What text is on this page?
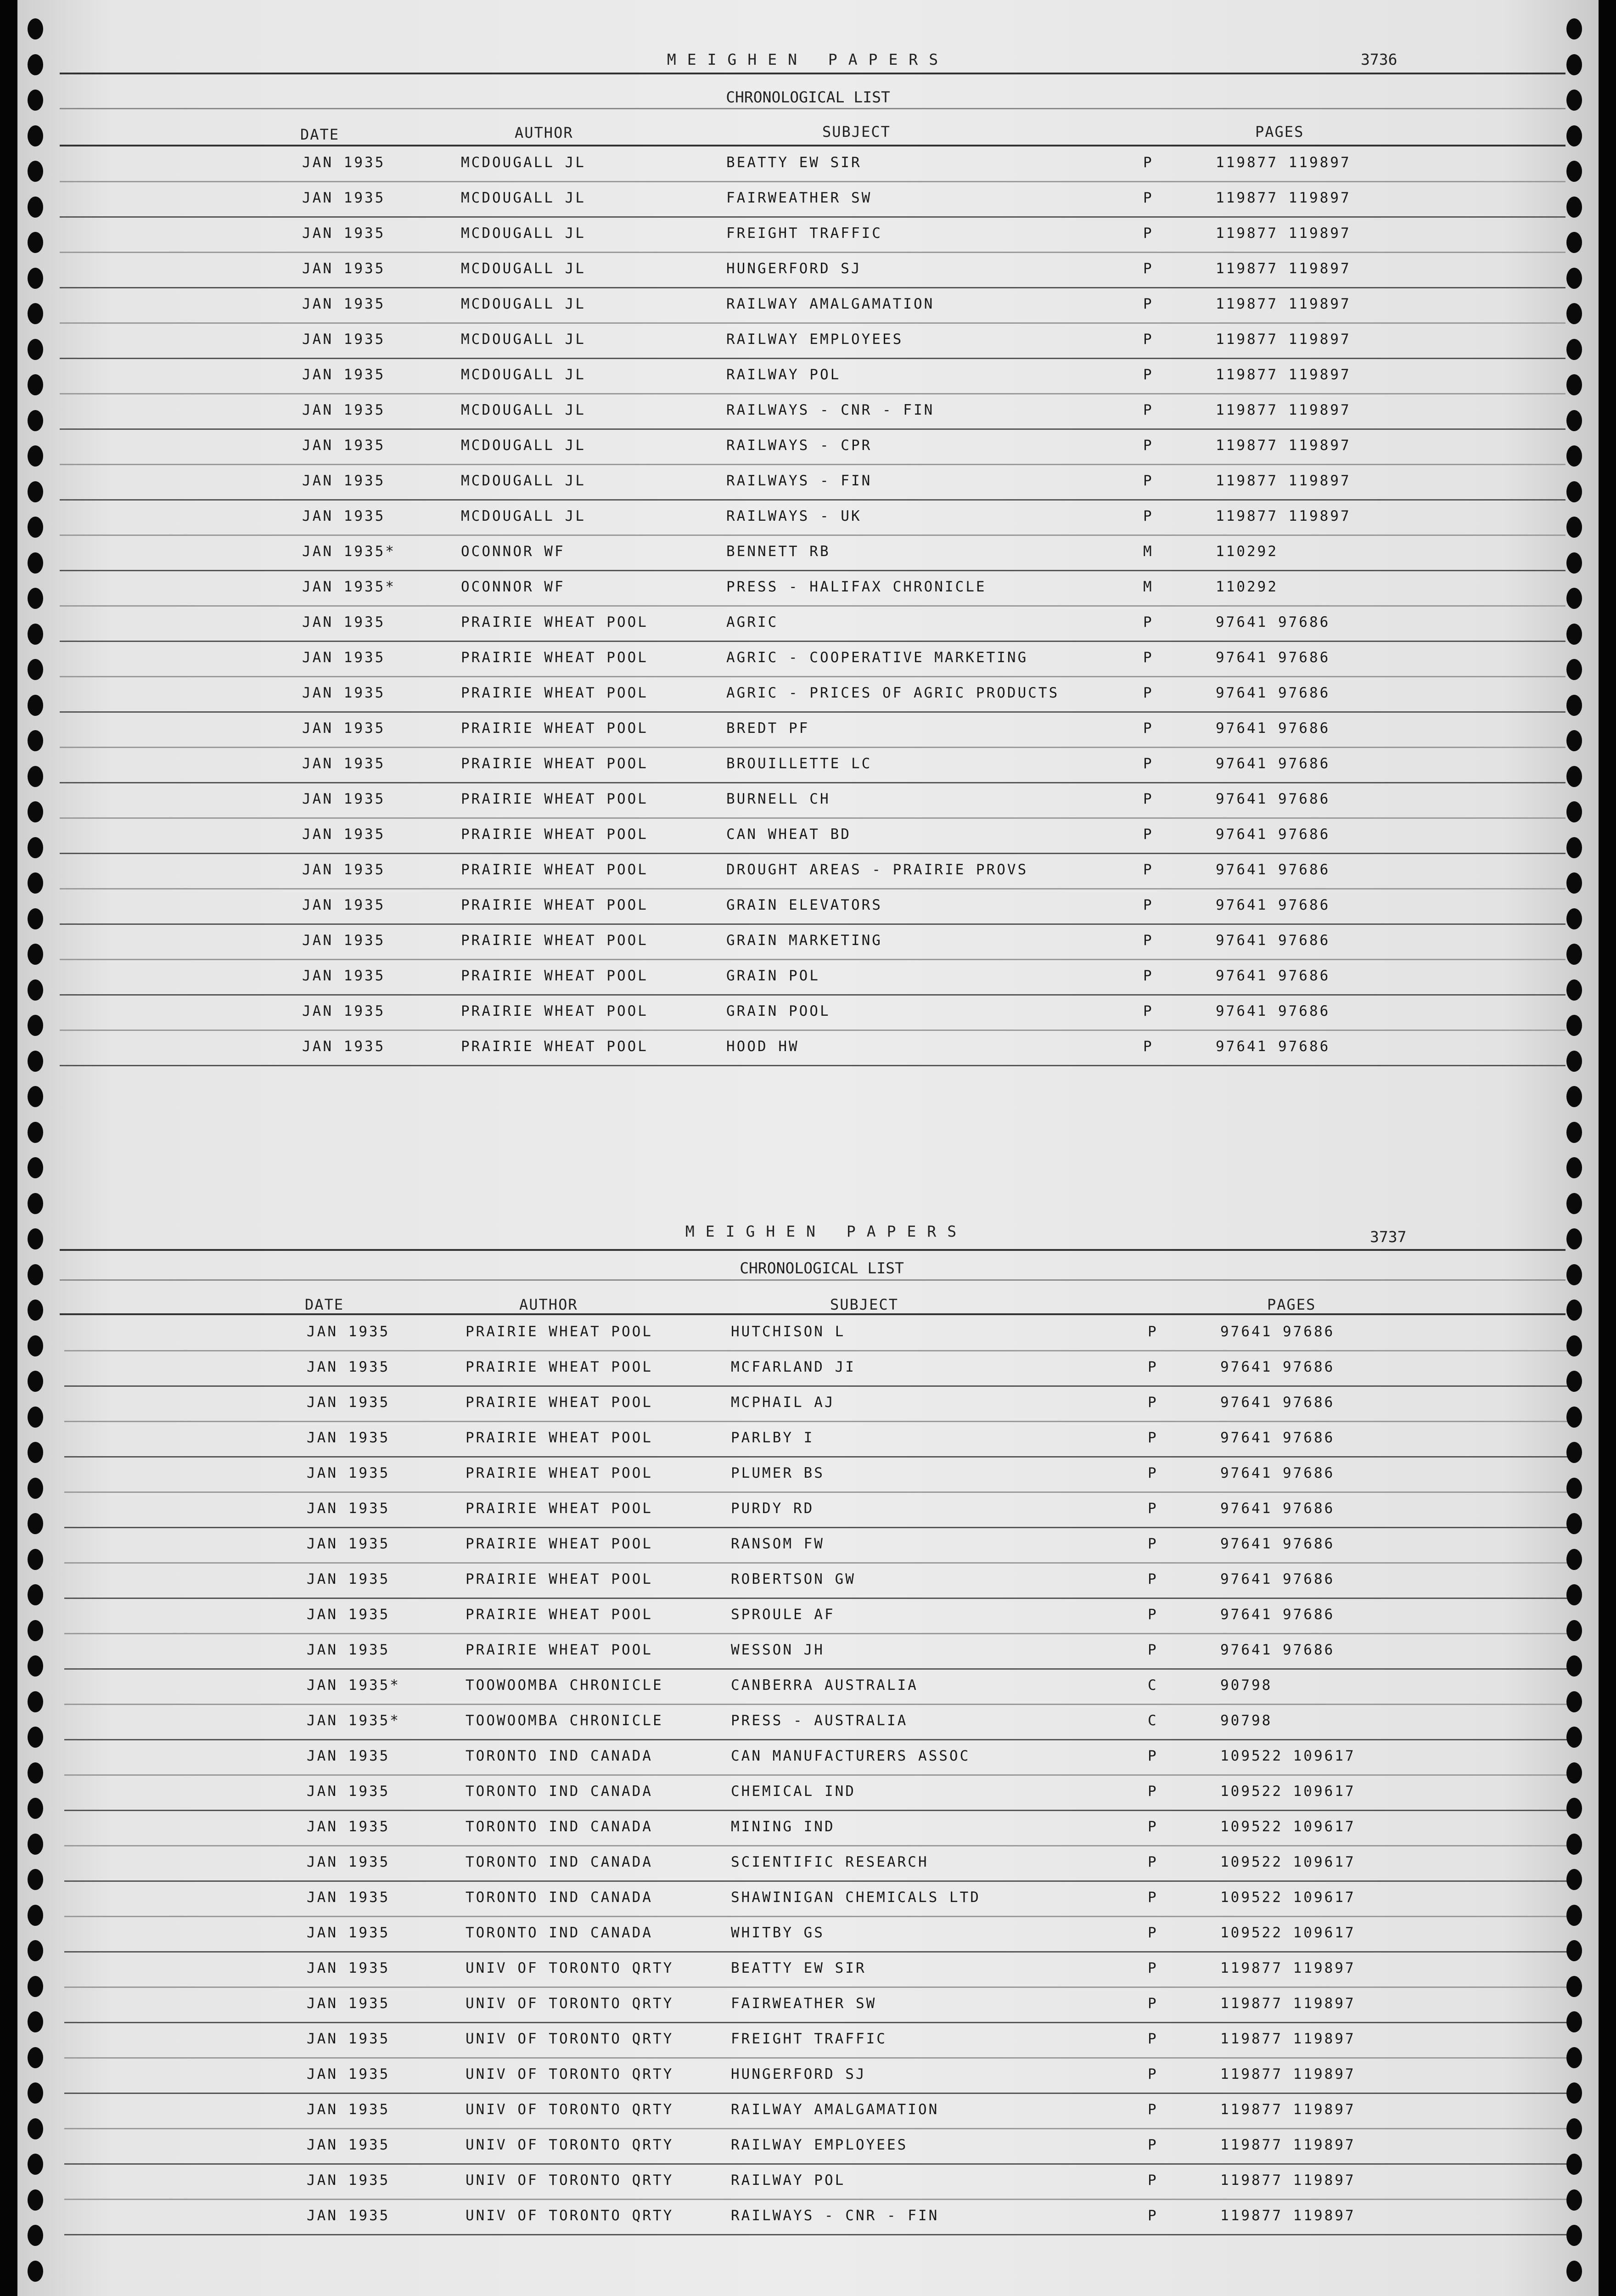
MEIGHEN PAPERS	3736
CHRONOLOGICAL LIST
DATE	AUTHOR	SUBJECT	PAGES
JAN 1935	MCDOUGALL JL	BEATTY EW SIR	P	119877 119897
JAN 1935	MCDOUGALL JL	FAIRWEATHER SW	P	119877 119897
JAN 1935	MCDOUGALL JL	FREIGHT TRAFFIC	P	119877 119897
JAN 1935	MCDOUGALL JL	HUNGERFORD SJ	P	119877 119897
JAN 1935	MCDOUGALL JL	RAILWAY AMALGAMATION	P	119877 119897
JAN 1935	MCDOUGALL JL	RAILWAY EMPLOYEES	P	119877 119897
JAN 1935	MCDOUGALL JL	RAILWAY POL	P	119877 119897
JAN 1935	MCDOUGALL JL	RAILWAYS - CNR - FIN	P	119877 119897
JAN 1935	MCDOUGALL JL	RAILWAYS - CPR	P	119877 119897
JAN 1935	MCDOUGALL JL	RAILWAYS - FIN	P	119877 119897
JAN 1935	MCDOUGALL JL	RAILWAYS - UK	P	119877 119897
JAN 1935*	OCONNOR WF	BENNETT RB	M	110292
JAN 1935*	OCONNOR WF	PRESS - HALIFAX CHRONICLE	M	110292
JAN 1935	PRAIRIE WHEAT POOL	AGRIC	P	97641 97686
JAN 1935	PRAIRIE WHEAT POOL	AGRIC - COOPERATIVE MARKETING	P	97641 97686
JAN 1935	PRAIRIE WHEAT POOL	AGRIC - PRICES OF AGRIC PRODUCTS	P	97641 97686
JAN 1935	PRAIRIE WHEAT POOL	BREDT PF	P	97641 97686
JAN 1935	PRAIRIE WHEAT POOL	BROUILLETTE LC	P	97641 97686
JAN 1935	PRAIRIE WHEAT POOL	BURNELL CH	P	97641 97686
JAN 1935	PRAIRIE WHEAT POOL	CAN WHEAT BD	P	97641 97686
JAN 1935	PRAIRIE WHEAT POOL	DROUGHT AREAS - PRAIRIE PROVS	P	97641 97686
JAN 1935	PRAIRIE WHEAT POOL	GRAIN ELEVATORS	P	97641 97686
JAN 1935	PRAIRIE WHEAT POOL	GRAIN MARKETING	P	97641 97686
JAN 1935	PRAIRIE WHEAT POOL	GRAIN POL	P	97641 97686
JAN 1935	PRAIRIE WHEAT POOL	GRAIN POOL	P	97641 97686
JAN 1935	PRAIRIE WHEAT POOL	HOOD HW	P	97641 97686
MEIGHEN PAPERS	3737
CHRONOLOGICAL LIST
DATE	AUTHOR	SUBJECT	PAGES
JAN 1935	PRAIRIE WHEAT POOL	HUTCHISON L	P	97641 97686
JAN 1935	PRAIRIE WHEAT POOL	MCFARLAND JI	P	97641 97686
JAN 1935	PRAIRIE WHEAT POOL	MCPHAIL AJ	P	97641 97686
JAN 1935	PRAIRIE WHEAT POOL	PARLBY I	P	97641 97686
JAN 1935	PRAIRIE WHEAT POOL	PLUMER BS	P	97641 97686
JAN 1935	PRAIRIE WHEAT POOL	PURDY RD	P	97641 97686
JAN 1935	PRAIRIE WHEAT POOL	RANSOM FW	P	97641 97686
JAN 1935	PRAIRIE WHEAT POOL	ROBERTSON GW	P	97641 97686
JAN 1935	PRAIRIE WHEAT POOL	SPROULE AF	P	97641 97686
JAN 1935	PRAIRIE WHEAT POOL	WESSON JH	P	97641 97686
JAN 1935*	TOOWOOMBA CHRONICLE	CANBERRA AUSTRALIA	C	90798
JAN 1935*	TOOWOOMBA CHRONICLE	PRESS - AUSTRALIA	C	90798
JAN 1935	TORONTO IND CANADA	CAN MANUFACTURERS ASSOC	P	109522 109617
JAN 1935	TORONTO IND CANADA	CHEMICAL IND	P	109522 109617
JAN 1935	TORONTO IND CANADA	MINING IND	P	109522 109617
JAN 1935	TORONTO IND CANADA	SCIENTIFIC RESEARCH	P	109522 109617
JAN 1935	TORONTO IND CANADA	SHAWINIGAN CHEMICALS LTD	P	109522 109617
JAN 1935	TORONTO IND CANADA	WHITBY GS	P	109522 109617
JAN 1935	UNIV OF TORONTO QRTY	BEATTY EW SIR	P	119877 119897
JAN 1935	UNIV OF TORONTO QRTY	FAIRWEATHER SW	P	119877 119897
JAN 1935	UNIV OF TORONTO QRTY	FREIGHT TRAFFIC	P	119877 119897
JAN 1935	UNIV OF TORONTO QRTY	HUNGERFORD SJ	P	119877 119897
JAN 1935	UNIV OF TORONTO QRTY	RAILWAY AMALGAMATION	P	119877 119897
JAN 1935	UNIV OF TORONTO QRTY	RAILWAY EMPLOYEES	P	119877 119897
JAN 1935	UNIV OF TORONTO QRTY	RAILWAY POL	P	119877 119897
JAN 1935	UNIV OF TORONTO QRTY	RAILWAYS - CNR - FIN	P	119877 119897
